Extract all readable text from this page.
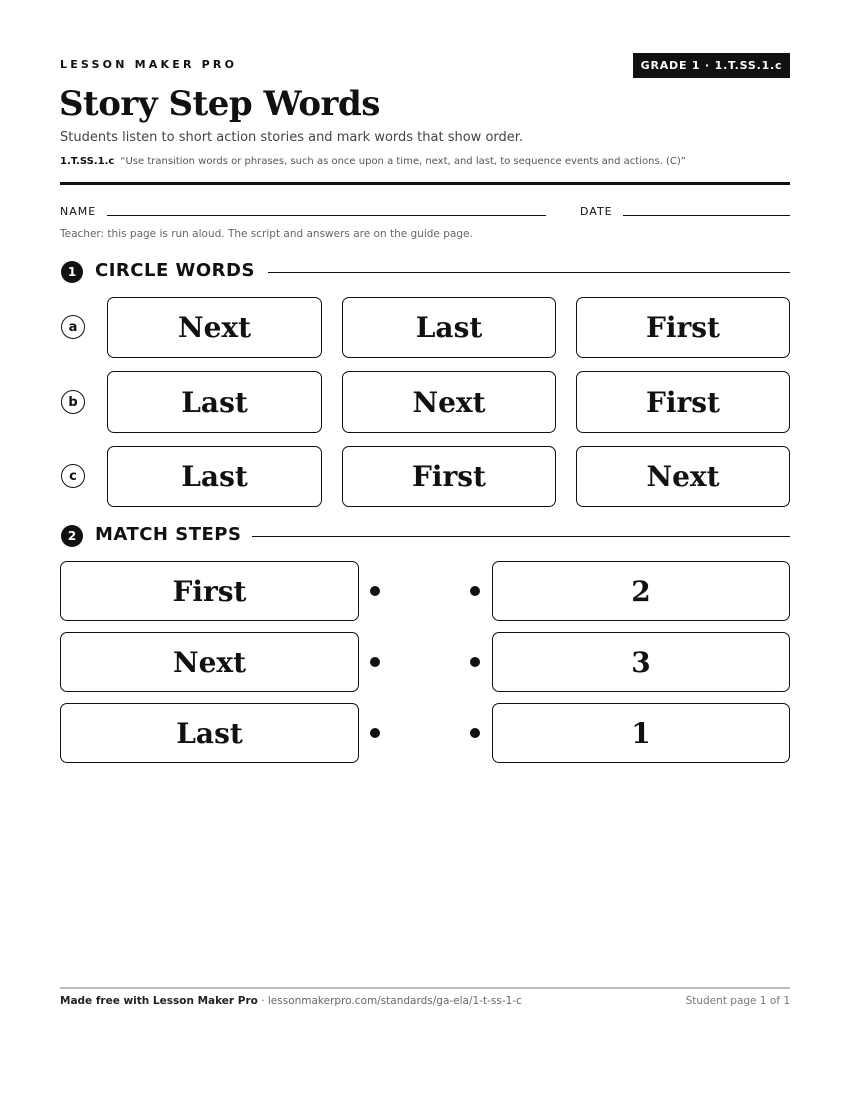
LESSON MAKER PRO	GRADE 1 · 1.T.SS.1.c
Story Step Words
Students listen to short action stories and mark words that show order.
1.T.SS.1.c “Use transition words or phrases, such as once upon a time, next, and last, to sequence events and actions. (C)”
NAME	DATE
Teacher: this page is run aloud. The script and answers are on the guide page.
1	CIRCLE WORDS
a	Next	Last	First
b	Last	Next	First
c	Last	First	Next
2	MATCH STEPS
First	2
Next	3
Last	1
Made free with Lesson Maker Pro · lessonmakerpro.com/standards/ga-ela/1-t-ss-1-c	Student page 1 of 1
